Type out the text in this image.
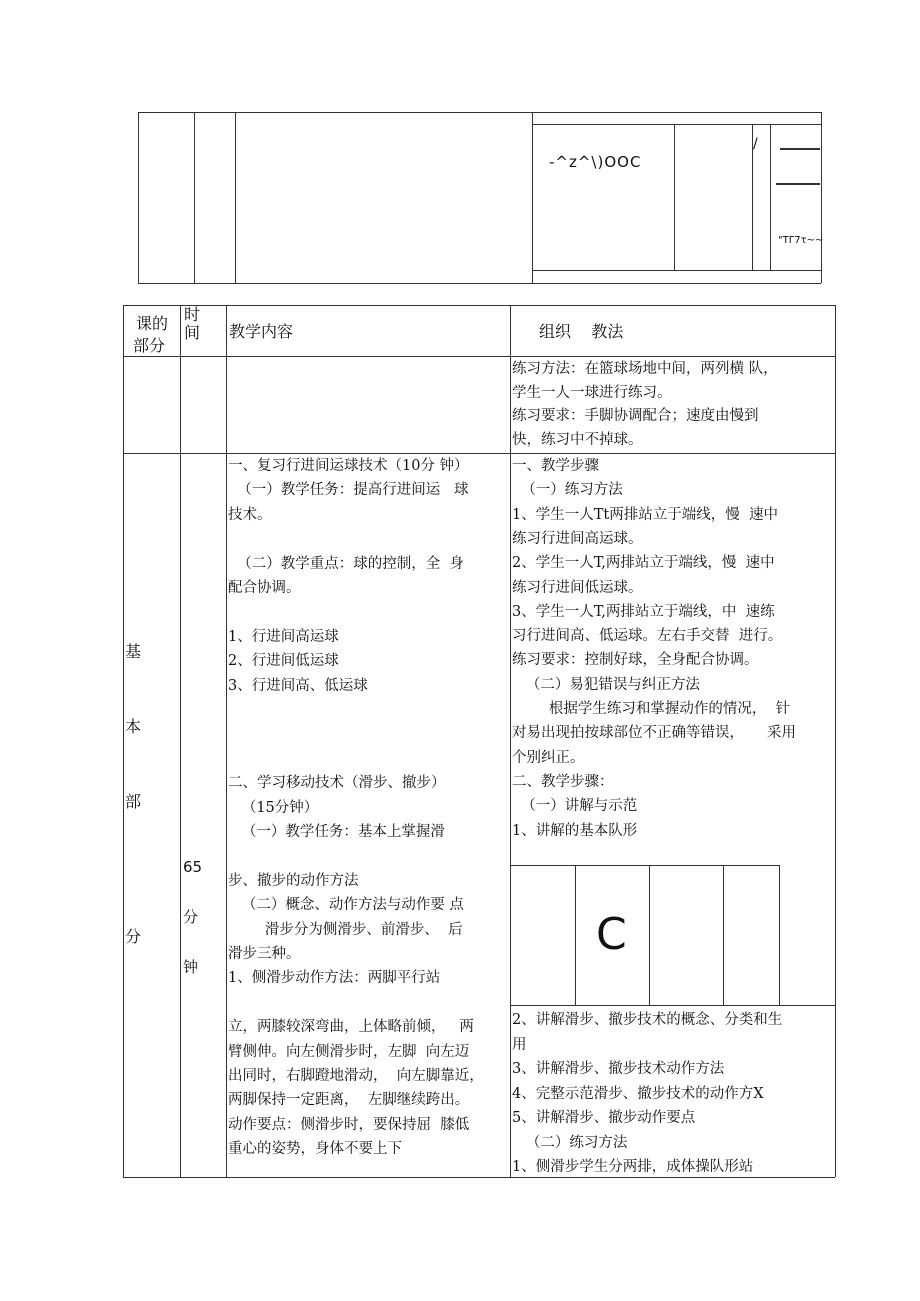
-^z^\)OOC
/
"TΓ7τ~~
课的
部分
时
间 教学内容	组织    教法
练习方法：在篮球场地中间，两列横 队，
学生一人一球进行练习。
练习要求：手脚协调配合；速度由慢到
快，练习中不掉球。
基
本
部
分
65
分
钟
一、复习行进间运球技术（10分 钟）
（一）教学任务：提高行进间运   球
技术。
（二）教学重点：球的控制，全  身
配合协调。
1、行进间高运球
2、行进间低运球
3、行进间高、低运球
二、学习移动技术（滑步、撤步）
（15分钟）
（一）教学任务：基本上掌握滑
步、撤步的动作方法
（二）概念、动作方法与动作要 点
滑步分为侧滑步、前滑步、  后
滑步三种。
1、侧滑步动作方法：两脚平行站
立，两膝较深弯曲，上体略前倾，   两
臂侧伸。向左侧滑步时，左脚  向左迈
出同时，右脚蹬地滑动，  向左脚靠近，
两脚保持一定距离，  左脚继续跨出。
动作要点：侧滑步时，要保持屈  膝低
重心的姿势，身体不要上下
一、教学步骤
（一）练习方法
1、学生一人Tt两排站立于端线，慢  速中
练习行进间高运球。
2、学生一人T,两排站立于端线，慢  速中
练习行进间低运球。
3、学生一人T,两排站立于端线，中  速练
习行进间高、低运球。左右手交替  进行。
练习要求：控制好球，全身配合协调。
（二）易犯错误与纠正方法
根据学生练习和掌握动作的情况，  针
对易出现拍按球部位不正确等错误，     采用
个别纠正。
二、教学步骤：
（一）讲解与示范
1、讲解的基本队形
2、讲解滑步、撤步技术的概念、分类和生
用
3、讲解滑步、撤步技术动作方法
4、完整示范滑步、撤步技术的动作方X
5、讲解滑步、撤步动作要点
（二）练习方法
1、侧滑步学生分两排，成体操队形站
C
